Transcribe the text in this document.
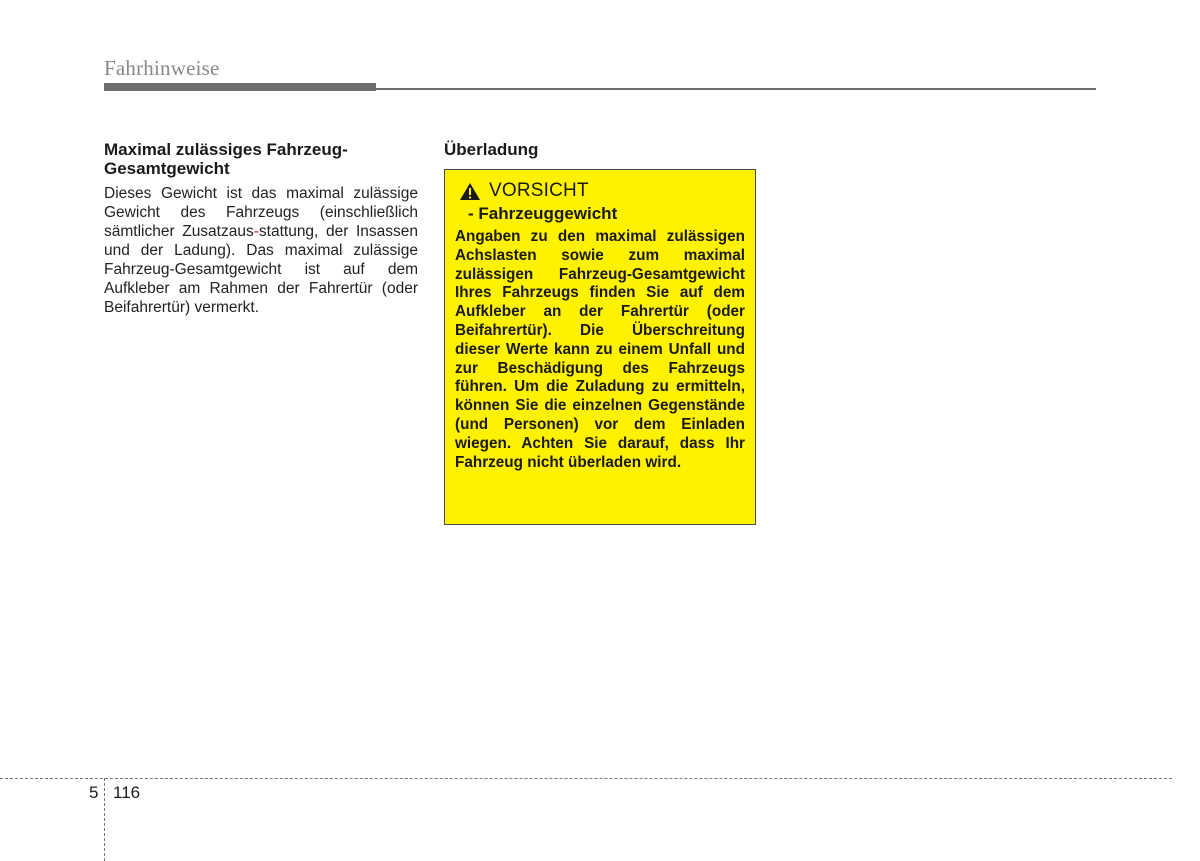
Fahrhinweise
Maximal zulässiges Fahrzeug-Gesamtgewicht

Dieses Gewicht ist das maximal zulässige Gewicht des Fahrzeugs (einschließlich sämtlicher Zusatzaus-stattung, der Insassen und der Ladung). Das maximal zulässige Fahrzeug-Gesamtgewicht ist auf dem Aufkleber am Rahmen der Fahrertür (oder Beifahrertür) vermerkt.

Überladung
VORSICHT
- Fahrzeuggewicht

Angaben zu den maximal zulässigen Achslasten sowie zum maximal zulässigen Fahrzeug-Gesamtgewicht Ihres Fahrzeugs finden Sie auf dem Aufkleber an der Fahrertür (oder Beifahrertür). Die Überschreitung dieser Werte kann zu einem Unfall und zur Beschädigung des Fahrzeugs führen. Um die Zuladung zu ermitteln, können Sie die einzelnen Gegenstände (und Personen) vor dem Einladen wiegen. Achten Sie darauf, dass Ihr Fahrzeug nicht überladen wird.

5 116
